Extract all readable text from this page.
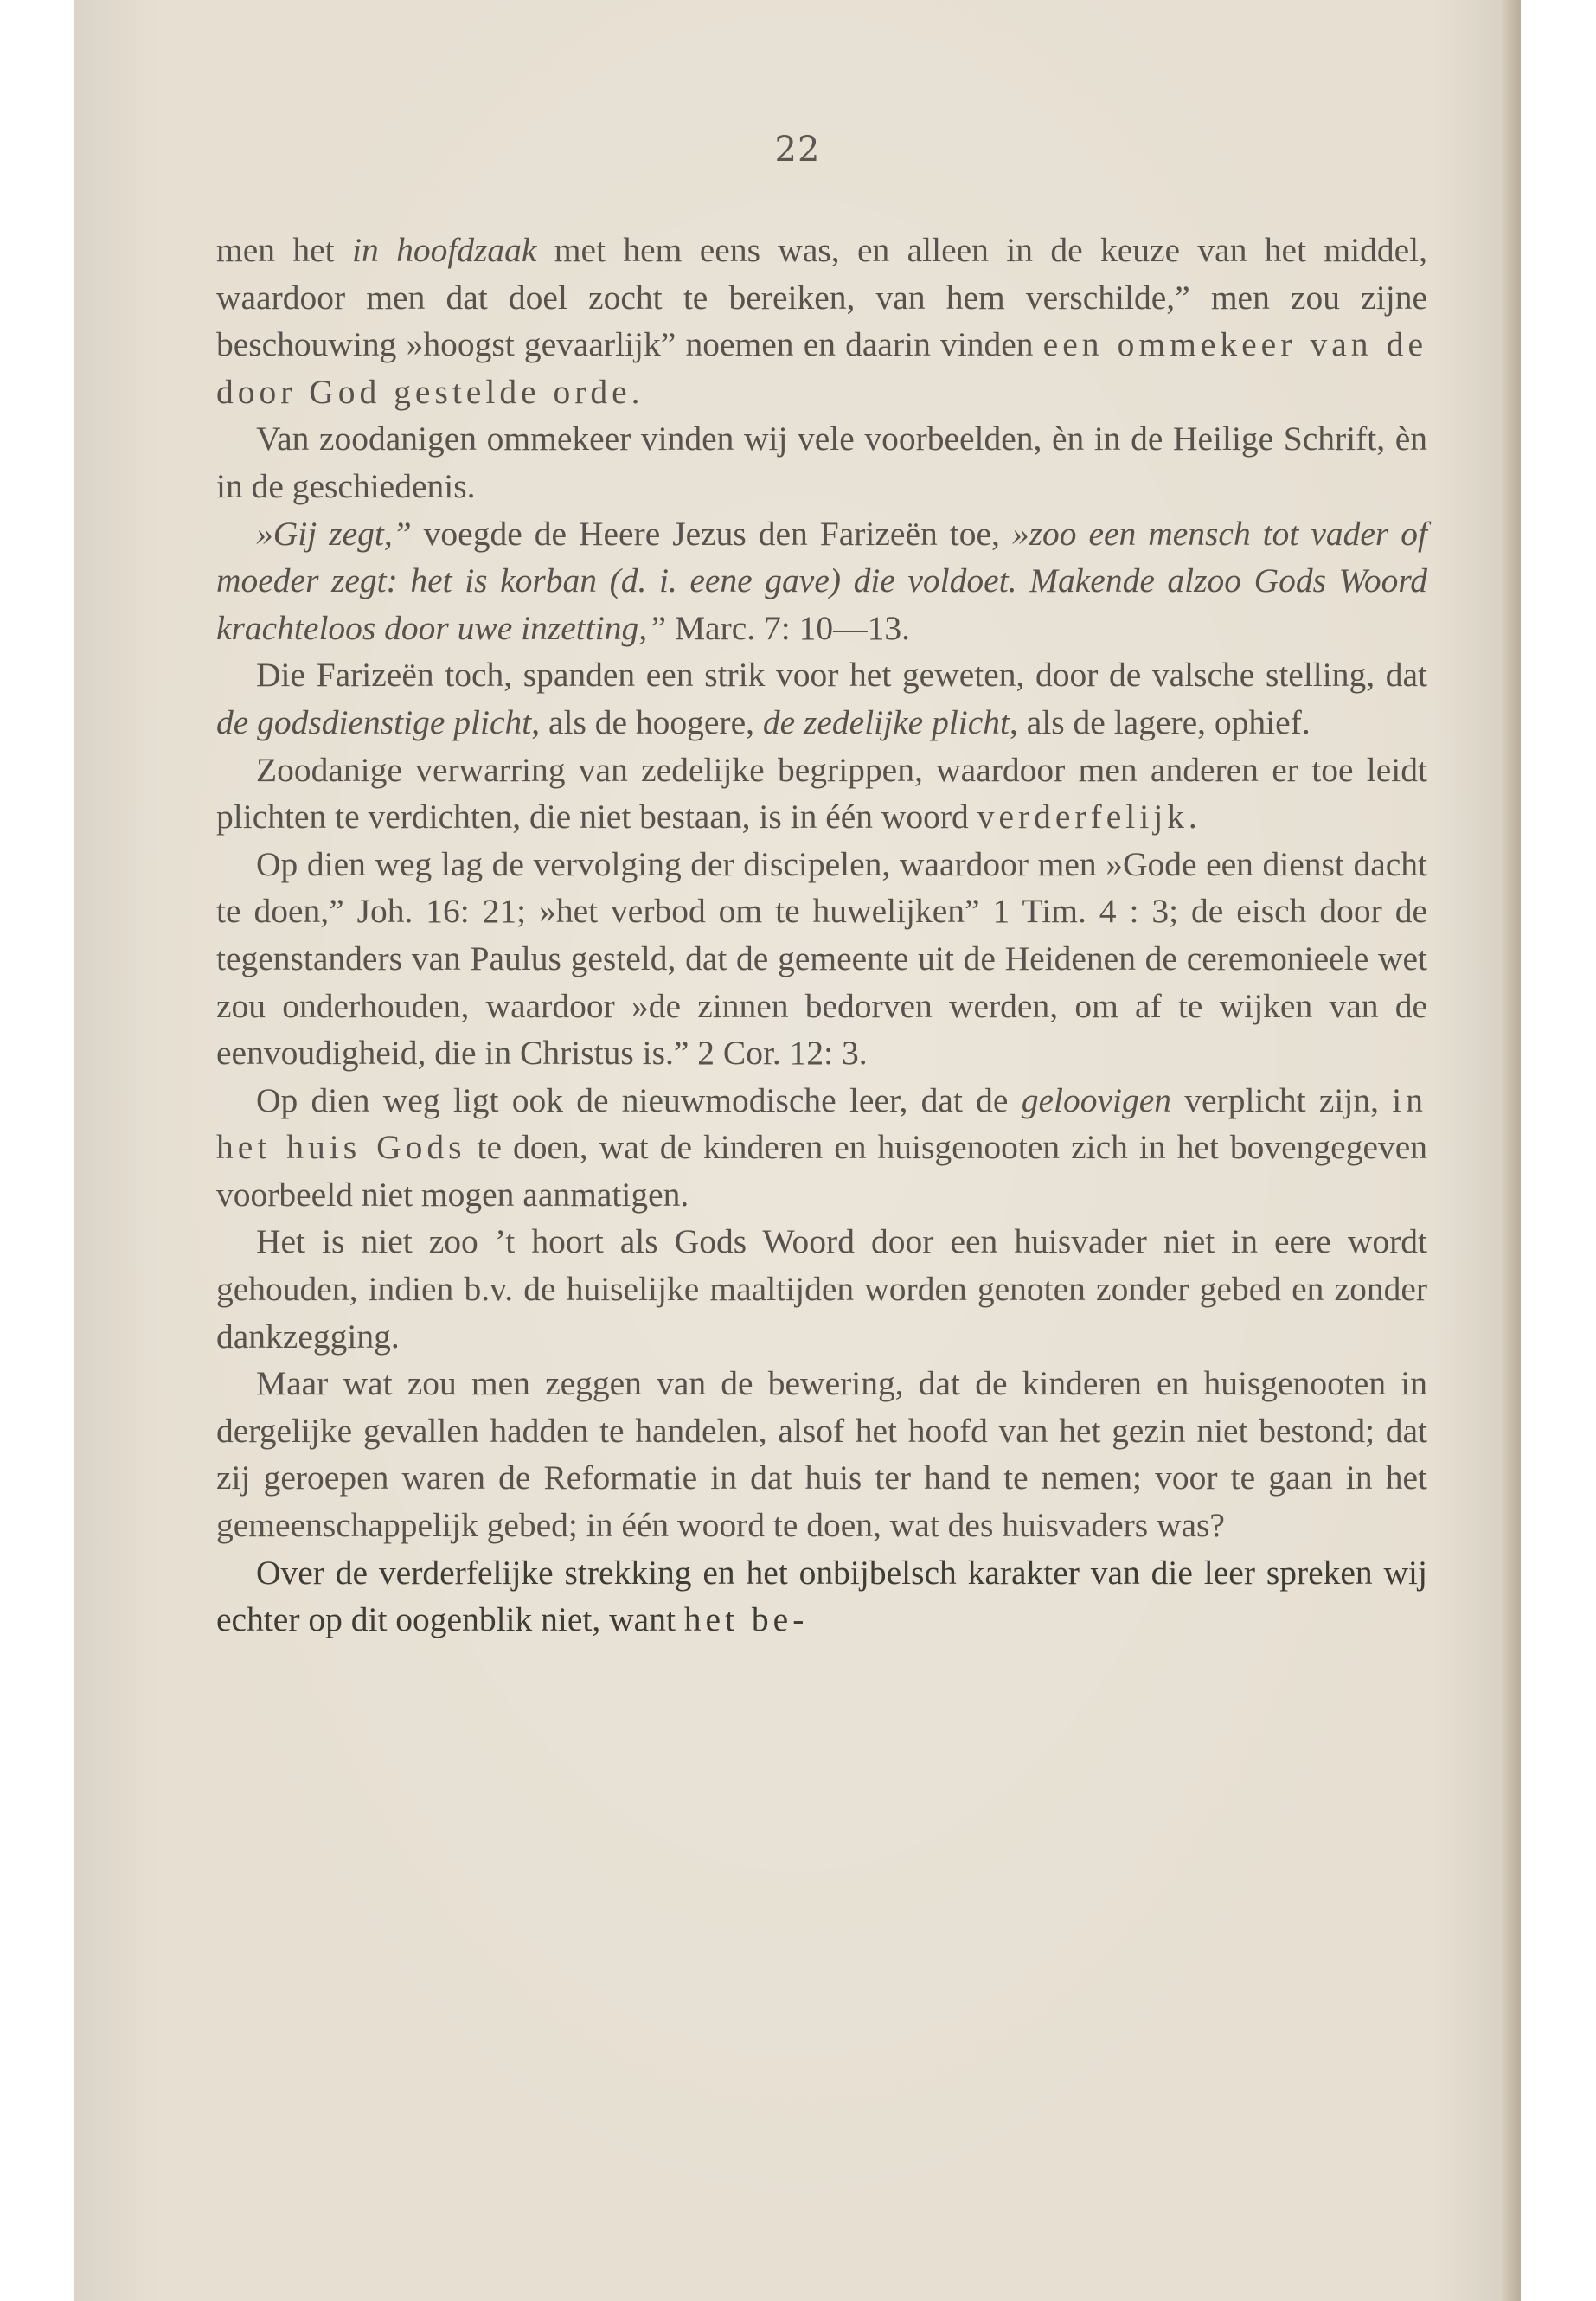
22

men het in hoofdzaak met hem eens was, en alleen in de keuze van het middel, waardoor men dat doel zocht te bereiken, van hem verschilde,” men zou zijne beschouwing »hoogst gevaarlijk” noemen en daarin vinden een ommekeer van de door God gestelde orde.

Van zoodanigen ommekeer vinden wij vele voorbeelden, èn in de Heilige Schrift, èn in de geschiedenis.

»Gij zegt,” voegde de Heere Jezus den Farizeën toe, »zoo een mensch tot vader of moeder zegt: het is korban (d. i. eene gave) die voldoet. Makende alzoo Gods Woord krachteloos door uwe inzetting,” Marc. 7: 10—13.

Die Farizeën toch, spanden een strik voor het geweten, door de valsche stelling, dat de godsdienstige plicht, als de hoogere, de zedelijke plicht, als de lagere, ophief.

Zoodanige verwarring van zedelijke begrippen, waardoor men anderen er toe leidt plichten te verdichten, die niet bestaan, is in één woord verderfelijk.

Op dien weg lag de vervolging der discipelen, waardoor men »Gode een dienst dacht te doen,” Joh. 16: 21; »het verbod om te huwelijken” 1 Tim. 4 : 3; de eisch door de tegenstanders van Paulus gesteld, dat de gemeente uit de Heidenen de ceremonieele wet zou onderhouden, waardoor »de zinnen bedorven werden, om af te wijken van de eenvoudigheid, die in Christus is.” 2 Cor. 12: 3.

Op dien weg ligt ook de nieuwmodische leer, dat de geloovigen verplicht zijn, in het huis Gods te doen, wat de kinderen en huisgenooten zich in het bovengegeven voorbeeld niet mogen aanmatigen.

Het is niet zoo ’t hoort als Gods Woord door een huisvader niet in eere wordt gehouden, indien b.v. de huiselijke maaltijden worden genoten zonder gebed en zonder dankzegging.

Maar wat zou men zeggen van de bewering, dat de kinderen en huisgenooten in dergelijke gevallen hadden te handelen, alsof het hoofd van het gezin niet bestond; dat zij geroepen waren de Reformatie in dat huis ter hand te nemen; voor te gaan in het gemeenschappelijk gebed; in één woord te doen, wat des huisvaders was?

Over de verderfelijke strekking en het onbijbelsch karakter van die leer spreken wij echter op dit oogenblik niet, want het be-
